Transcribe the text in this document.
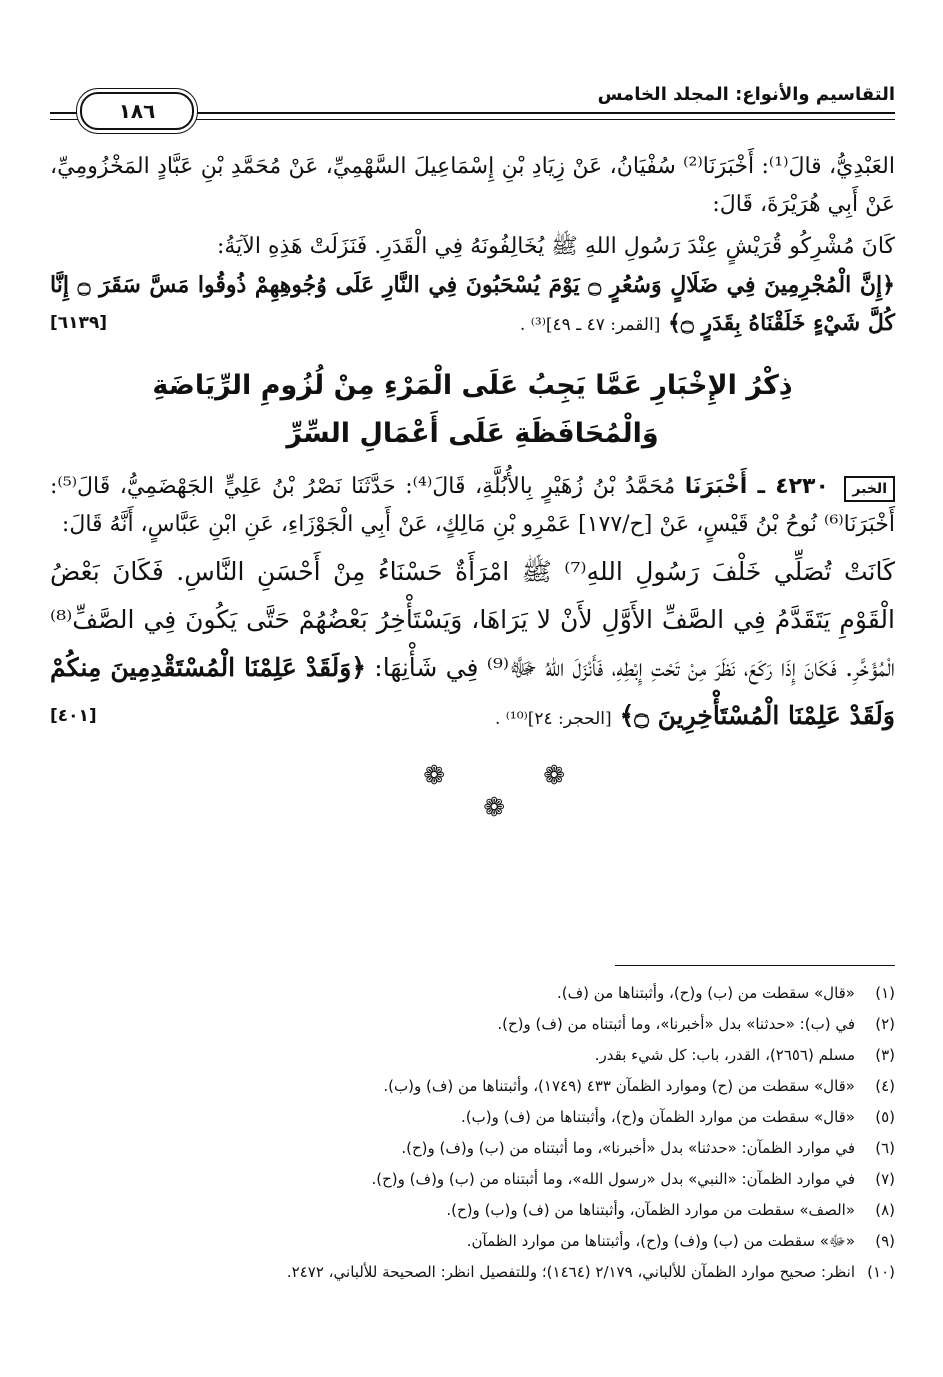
التقاسيم والأنواع: المجلد الخامس
١٨٦

العَبْدِيُّ، قالَ⁽¹⁾: أَخْبَرَنَا⁽²⁾ سُفْيَانُ، عَنْ زِيَادِ بْنِ إِسْمَاعِيلَ السَّهْمِيِّ، عَنْ مُحَمَّدِ بْنِ عَبَّادٍ المَخْزُومِيِّ، عَنْ أَبِي هُرَيْرَةَ، قَالَ:

كَانَ مُشْرِكُو قُرَيْشٍ عِنْدَ رَسُولِ اللهِ ﷺ يُخَالِفُونَهُ فِي الْقَدَرِ. فَنَزَلَتْ هَذِهِ الآيَةُ:

﴿إِنَّ الْمُجْرِمِينَ فِي ضَلَالٍ وَسُعُرٍ ۝ يَوْمَ يُسْحَبُونَ فِي النَّارِ عَلَى وُجُوهِهِمْ ذُوقُوا مَسَّ سَقَرَ ۝ إِنَّا كُلَّ شَيْءٍ خَلَقْنَاهُ بِقَدَرٍ ۝﴾ [القمر: ٤٧ ـ ٤٩]⁽³⁾ .
[٦١٣٩]

ذِكْرُ الإِخْبَارِ عَمَّا يَجِبُ عَلَى الْمَرْءِ مِنْ لُزُومِ الرِّيَاضَةِ
وَالْمُحَافَظَةِ عَلَى أَعْمَالِ السِّرِّ

الخبر ٤٢٣٠ ـ أَخْبَرَنَا مُحَمَّدُ بْنُ زُهَيْرٍ بِالأُبُلَّةِ، قَالَ⁽⁴⁾: حَدَّثَنَا نَصْرُ بْنُ عَلِيٍّ الجَهْضَمِيُّ، قَالَ⁽⁵⁾: أَخْبَرَنَا⁽⁶⁾ نُوحُ بْنُ قَيْسٍ، عَنْ [ح/١٧٧] عَمْرِو بْنِ مَالِكٍ، عَنْ أَبِي الْجَوْزَاءِ، عَنِ ابْنِ عَبَّاسٍ، أَنَّهُ قَالَ:

كَانَتْ تُصَلِّي خَلْفَ رَسُولِ اللهِ⁽⁷⁾ ﷺ امْرَأَةٌ حَسْنَاءُ مِنْ أَحْسَنِ النَّاسِ. فَكَانَ بَعْضُ الْقَوْمِ يَتَقَدَّمُ فِي الصَّفِّ الأَوَّلِ لأَنْ لا يَرَاهَا، وَيَسْتَأْخِرُ بَعْضُهُمْ حَتَّى يَكُونَ فِي الصَّفِّ⁽⁸⁾ الْمُؤَخَّرِ. فَكَانَ إِذَا رَكَعَ، نَظَرَ مِنْ تَحْتِ إِبْطِهِ، فَأَنْزَلَ اللهُ ﷻ⁽⁹⁾ فِي شَأْنِهَا: ﴿وَلَقَدْ عَلِمْنَا الْمُسْتَقْدِمِينَ مِنكُمْ وَلَقَدْ عَلِمْنَا الْمُسْتَأْخِرِينَ ۝﴾ [الحجر: ٢٤]⁽¹⁰⁾ .
[٤٠١]

❁	❁
❁

(١)«قال» سقطت من (ب) و(ح)، وأثبتناها من (ف).

(٢)في (ب): «حدثنا» بدل «أخبرنا»، وما أثبتناه من (ف) و(ح).

(٣)مسلم (٢٦٥٦)، القدر، باب: كل شيء بقدر.

(٤)«قال» سقطت من (ح) وموارد الظمآن ٤٣٣ (١٧٤٩)، وأثبتناها من (ف) و(ب).

(٥)«قال» سقطت من موارد الظمآن و(ح)، وأثبتناها من (ف) و(ب).

(٦)في موارد الظمآن: «حدثنا» بدل «أخبرنا»، وما أثبتناه من (ب) و(ف) و(ح).

(٧)في موارد الظمآن: «النبي» بدل «رسول الله»، وما أثبتناه من (ب) و(ف) و(ح).

(٨)«الصف» سقطت من موارد الظمآن، وأثبتناها من (ف) و(ب) و(ح).

(٩)«ﷻ» سقطت من (ب) و(ف) و(ح)، وأثبتناها من موارد الظمآن.

(١٠)انظر: صحيح موارد الظمآن للألباني، ٢/١٧٩ (١٤٦٤)؛ وللتفصيل انظر: الصحيحة للألباني، ٢٤٧٢.
